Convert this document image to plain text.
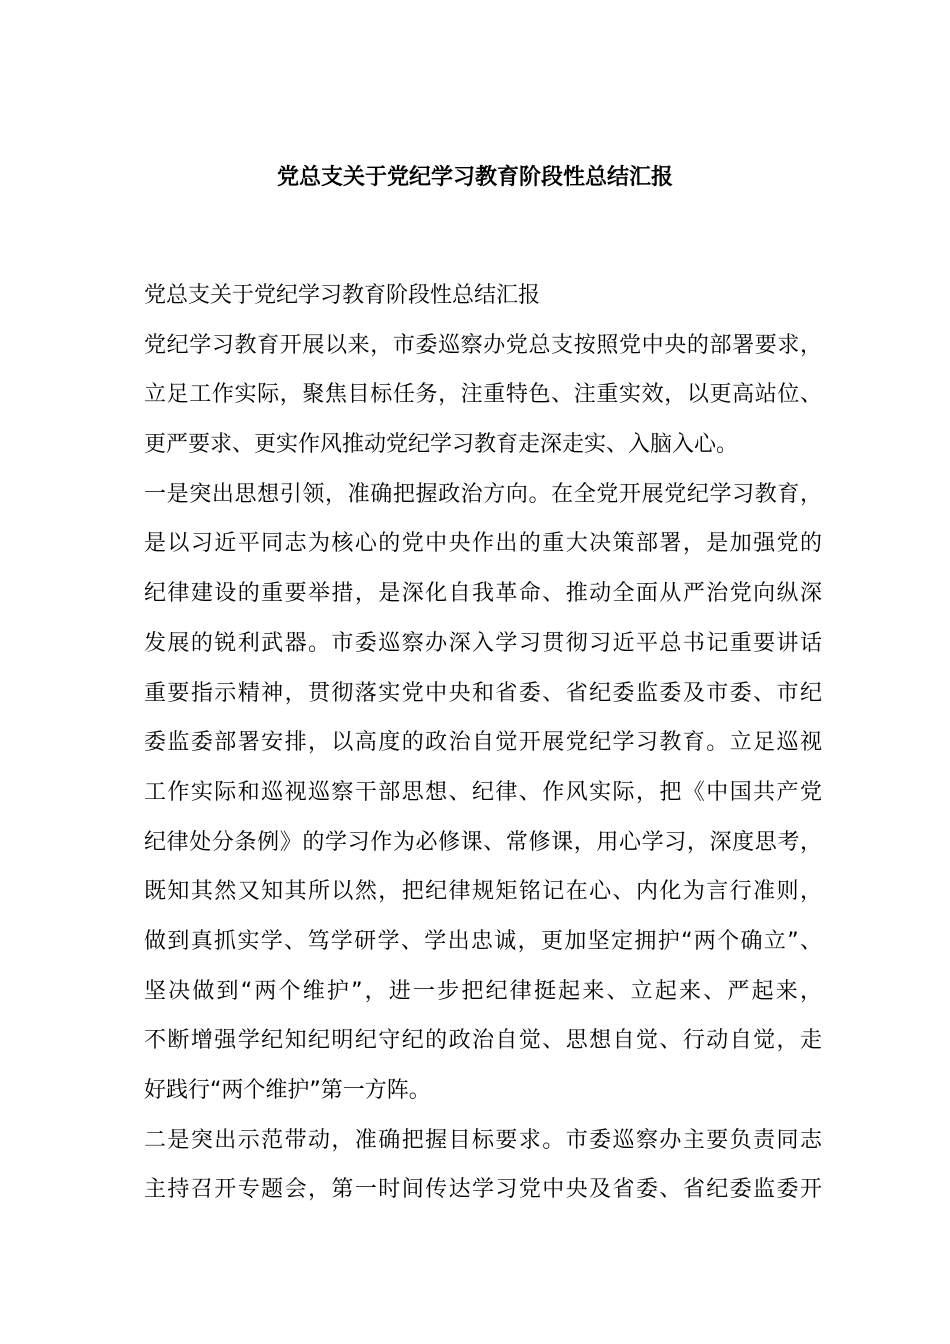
党总支关于党纪学习教育阶段性总结汇报
党总支关于党纪学习教育阶段性总结汇报
党纪学习教育开展以来，市委巡察办党总支按照党中央的部署要求，
立足工作实际，聚焦目标任务，注重特色、注重实效，以更高站位、
更严要求、更实作风推动党纪学习教育走深走实、入脑入心。
一是突出思想引领，准确把握政治方向。在全党开展党纪学习教育，
是以习近平同志为核心的党中央作出的重大决策部署，是加强党的
纪律建设的重要举措，是深化自我革命、推动全面从严治党向纵深
发展的锐利武器。市委巡察办深入学习贯彻习近平总书记重要讲话
重要指示精神，贯彻落实党中央和省委、省纪委监委及市委、市纪
委监委部署安排，以高度的政治自觉开展党纪学习教育。立足巡视
工作实际和巡视巡察干部思想、纪律、作风实际，把《中国共产党
纪律处分条例》的学习作为必修课、常修课，用心学习，深度思考，
既知其然又知其所以然，把纪律规矩铭记在心、内化为言行准则，
做到真抓实学、笃学研学、学出忠诚，更加坚定拥护“两个确立”、
坚决做到“两个维护”，进一步把纪律挺起来、立起来、严起来，
不断增强学纪知纪明纪守纪的政治自觉、思想自觉、行动自觉，走
好践行“两个维护”第一方阵。
二是突出示范带动，准确把握目标要求。市委巡察办主要负责同志
主持召开专题会，第一时间传达学习党中央及省委、省纪委监委开
